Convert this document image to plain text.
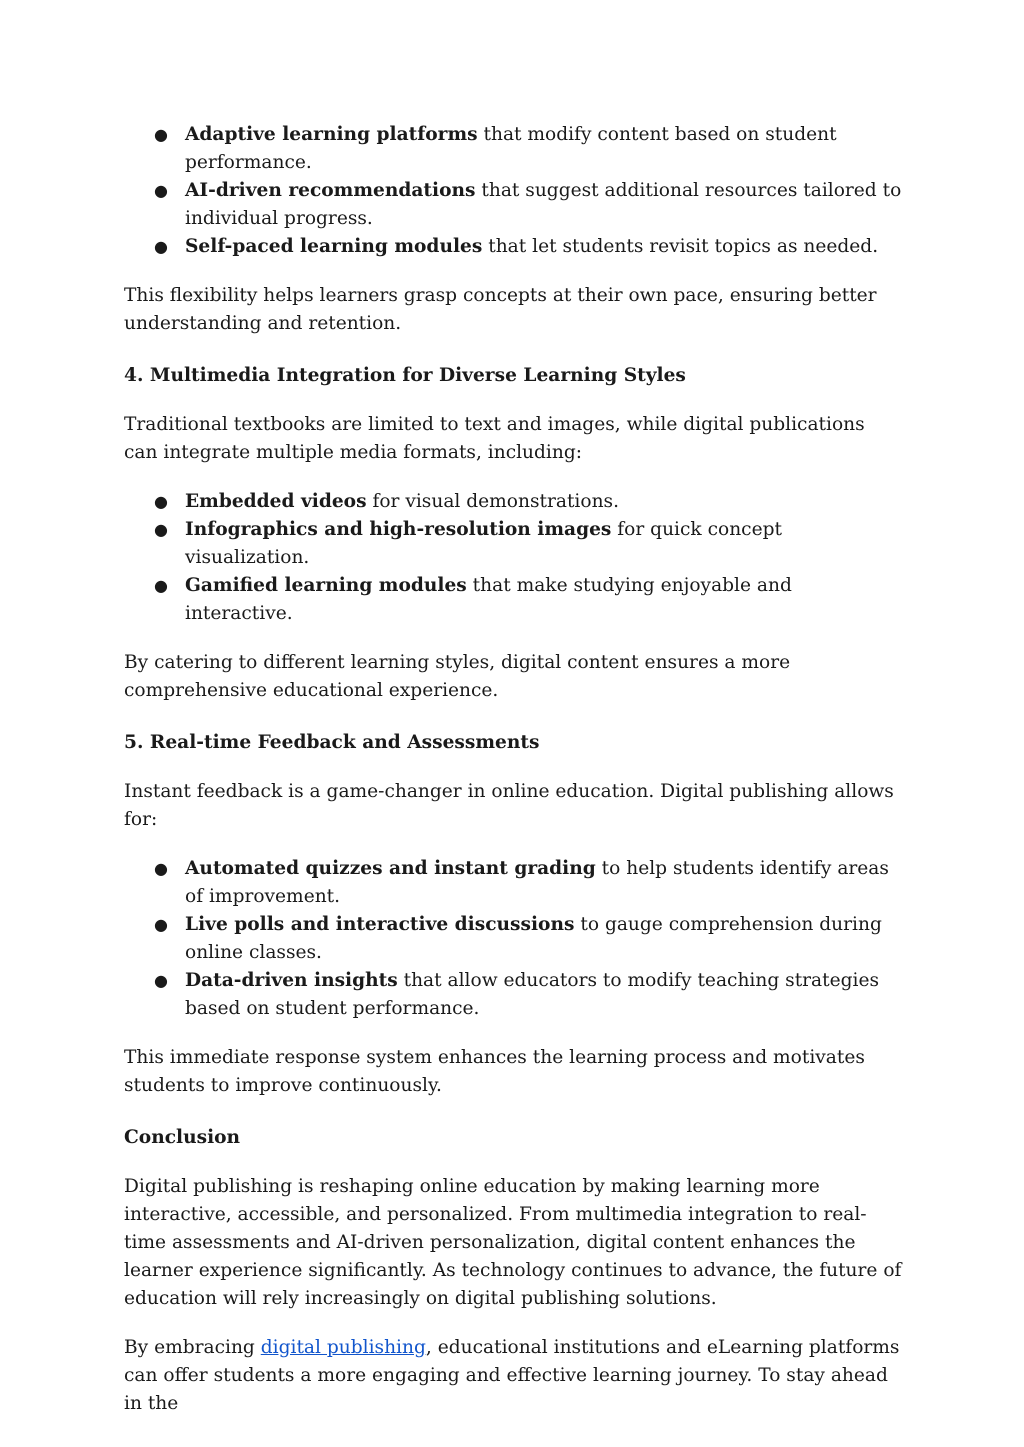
● Adaptive learning platforms that modify content based on student performance.
● AI-driven recommendations that suggest additional resources tailored to individual progress.
● Self-paced learning modules that let students revisit topics as needed.

This flexibility helps learners grasp concepts at their own pace, ensuring better understanding and retention.

4. Multimedia Integration for Diverse Learning Styles

Traditional textbooks are limited to text and images, while digital publications can integrate multiple media formats, including:

● Embedded videos for visual demonstrations.
● Infographics and high-resolution images for quick concept visualization.
● Gamified learning modules that make studying enjoyable and interactive.

By catering to different learning styles, digital content ensures a more comprehensive educational experience.

5. Real-time Feedback and Assessments

Instant feedback is a game-changer in online education. Digital publishing allows for:

● Automated quizzes and instant grading to help students identify areas of improvement.
● Live polls and interactive discussions to gauge comprehension during online classes.
● Data-driven insights that allow educators to modify teaching strategies based on student performance.

This immediate response system enhances the learning process and motivates students to improve continuously.

Conclusion

Digital publishing is reshaping online education by making learning more interactive, accessible, and personalized. From multimedia integration to real-time assessments and AI-driven personalization, digital content enhances the learner experience significantly. As technology continues to advance, the future of education will rely increasingly on digital publishing solutions.

By embracing digital publishing, educational institutions and eLearning platforms can offer students a more engaging and effective learning journey. To stay ahead in the
